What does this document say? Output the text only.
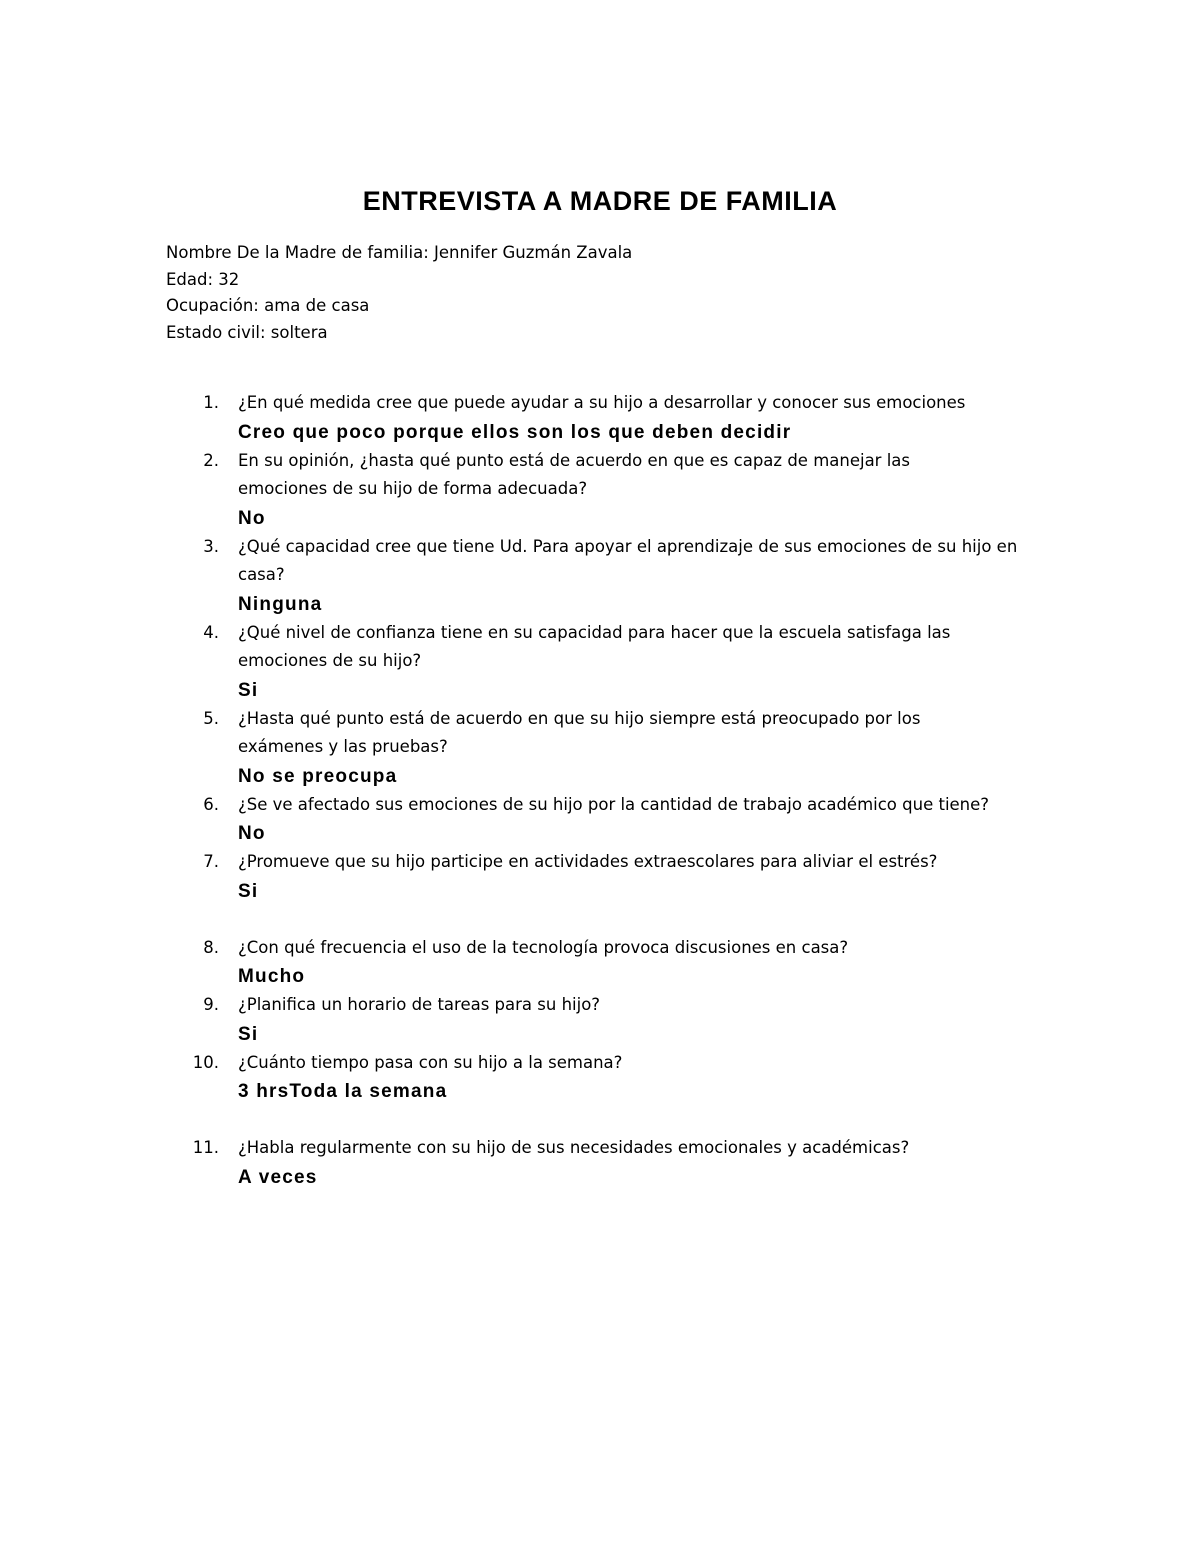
ENTREVISTA A MADRE DE FAMILIA
Nombre De la Madre de familia: Jennifer Guzmán Zavala
Edad: 32
Ocupación: ama de casa
Estado civil: soltera
1. ¿En qué medida cree que puede ayudar a su hijo a desarrollar y conocer sus emociones
Creo que poco porque ellos son los que deben decidir
2. En su opinión, ¿hasta qué punto está de acuerdo en que es capaz de manejar las emociones de su hijo de forma adecuada?
No
3. ¿Qué capacidad cree que tiene Ud. Para apoyar el aprendizaje de sus emociones de su hijo en casa?
Ninguna
4. ¿Qué nivel de confianza tiene en su capacidad para hacer que la escuela satisfaga las emociones de su hijo?
Si
5. ¿Hasta qué punto está de acuerdo en que su hijo siempre está preocupado por los exámenes y las pruebas?
No se preocupa
6. ¿Se ve afectado sus emociones de su hijo por la cantidad de trabajo académico que tiene?
No
7. ¿Promueve que su hijo participe en actividades extraescolares para aliviar el estrés?
Si
8. ¿Con qué frecuencia el uso de la tecnología provoca discusiones en casa?
Mucho
9. ¿Planifica un horario de tareas para su hijo?
Si
10. ¿Cuánto tiempo pasa con su hijo a la semana?
3 hrsToda la semana
11. ¿Habla regularmente con su hijo de sus necesidades emocionales y académicas?
A veces
